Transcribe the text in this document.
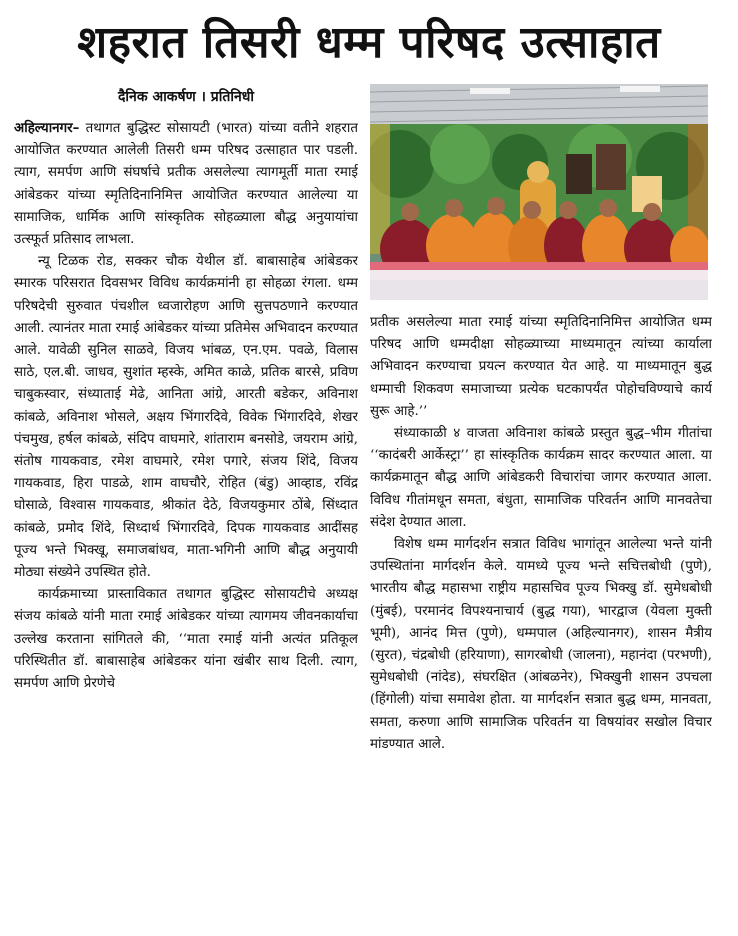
शहरात तिसरी धम्म परिषद उत्साहात
दैनिक आकर्षण । प्रतिनिधी

अहिल्यानगर– तथागत बुद्धिस्ट सोसायटी (भारत) यांच्या वतीने शहरात आयोजित करण्यात आलेली तिसरी धम्म परिषद उत्साहात पार पडली. त्याग, समर्पण आणि संघर्षाचे प्रतीक असलेल्या त्यागमूर्ती माता रमाई आंबेडकर यांच्या स्मृतिदिनानिमित्त आयोजित करण्यात आलेल्या या सामाजिक, धार्मिक आणि सांस्कृतिक सोहळ्याला बौद्ध अनुयायांचा उत्स्फूर्त प्रतिसाद लाभला.

न्यू टिळक रोड, सक्कर चौक येथील डॉ. बाबासाहेब आंबेडकर स्मारक परिसरात दिवसभर विविध कार्यक्रमांनी हा सोहळा रंगला. धम्म परिषदेची सुरुवात पंचशील ध्वजारोहण आणि सुत्तपठणाने करण्यात आली. त्यानंतर माता रमाई आंबेडकर यांच्या प्रतिमेस अभिवादन करण्यात आले. यावेळी सुनिल साळवे, विजय भांबळ, एन.एम. पवळे, विलास साठे, एल.बी. जाधव, सुशांत म्हस्के, अमित काळे, प्रतिक बारसे, प्रविण चाबुकस्वार, संध्याताई मेढे, आनिता आंग्रे, आरती बडेकर, अविनाश कांबळे, अविनाश भोसले, अक्षय भिंगारदिवे, विवेक भिंगारदिवे, शेखर पंचमुख, हर्षल कांबळे, संदिप वाघमारे, शांताराम बनसोडे, जयराम आंग्रे, संतोष गायकवाड, रमेश वाघमारे, रमेश पगारे, संजय शिंदे, विजय गायकवाड, हिरा पाडळे, शाम वाघचौरे, रोहित (बंडु) आव्हाड, रविंद्र घोसाळे, विश्वास गायकवाड, श्रीकांत देठे, विजयकुमार ठोंबे, सिंध्दात कांबळे, प्रमोद शिंदे, सिध्दार्थ भिंगारदिवे, दिपक गायकवाड आदींसह पूज्य भन्ते भिक्खू, समाजबांधव, माता-भगिनी आणि बौद्ध अनुयायी मोठ्या संख्येने उपस्थित होते.

कार्यक्रमाच्या प्रास्ताविकात तथागत बुद्धिस्ट सोसायटीचे अध्यक्ष संजय कांबळे यांनी माता रमाई आंबेडकर यांच्या त्यागमय जीवनकार्याचा उल्लेख करताना सांगितले की, ‘‘माता रमाई यांनी अत्यंत प्रतिकूल परिस्थितीत डॉ. बाबासाहेब आंबेडकर यांना खंबीर साथ दिली. त्याग, समर्पण आणि प्रेरणेचे

प्रतीक असलेल्या माता रमाई यांच्या स्मृतिदिनानिमित्त आयोजित धम्म परिषद आणि धम्मदीक्षा सोहळ्याच्या माध्यमातून त्यांच्या कार्याला अभिवादन करण्याचा प्रयत्न करण्यात येत आहे. या माध्यमातून बुद्ध धम्माची शिकवण समाजाच्या प्रत्येक घटकापर्यंत पोहोचविण्याचे कार्य सुरू आहे.’’

संध्याकाळी ४ वाजता अविनाश कांबळे प्रस्तुत बुद्ध–भीम गीतांचा ‘‘कादंबरी आर्केस्ट्रा’’ हा सांस्कृतिक कार्यक्रम सादर करण्यात आला. या कार्यक्रमातून बौद्ध आणि आंबेडकरी विचारांचा जागर करण्यात आला. विविध गीतांमधून समता, बंधुता, सामाजिक परिवर्तन आणि मानवतेचा संदेश देण्यात आला.

विशेष धम्म मार्गदर्शन सत्रात विविध भागांतून आलेल्या भन्ते यांनी उपस्थितांना मार्गदर्शन केले. यामध्ये पूज्य भन्ते सचित्तबोधी (पुणे), भारतीय बौद्ध महासभा राष्ट्रीय महासचिव पूज्य भिक्खु डॉ. सुमेधबोधी (मुंबई), परमानंद विपश्यनाचार्य (बुद्ध गया), भारद्वाज (येवला मुक्ती भूमी), आनंद मित्त (पुणे), धम्मपाल (अहिल्यानगर), शासन मैत्रीय (सुरत), चंद्रबोधी (हरियाणा), सागरबोधी (जालना), महानंदा (परभणी), सुमेधबोधी (नांदेड), संघरक्षित (आंबळनेर), भिक्खुनी शासन उपचला (हिंगोली) यांचा समावेश होता. या मार्गदर्शन सत्रात बुद्ध धम्म, मानवता, समता, करुणा आणि सामाजिक परिवर्तन या विषयांवर सखोल विचार मांडण्यात आले.
